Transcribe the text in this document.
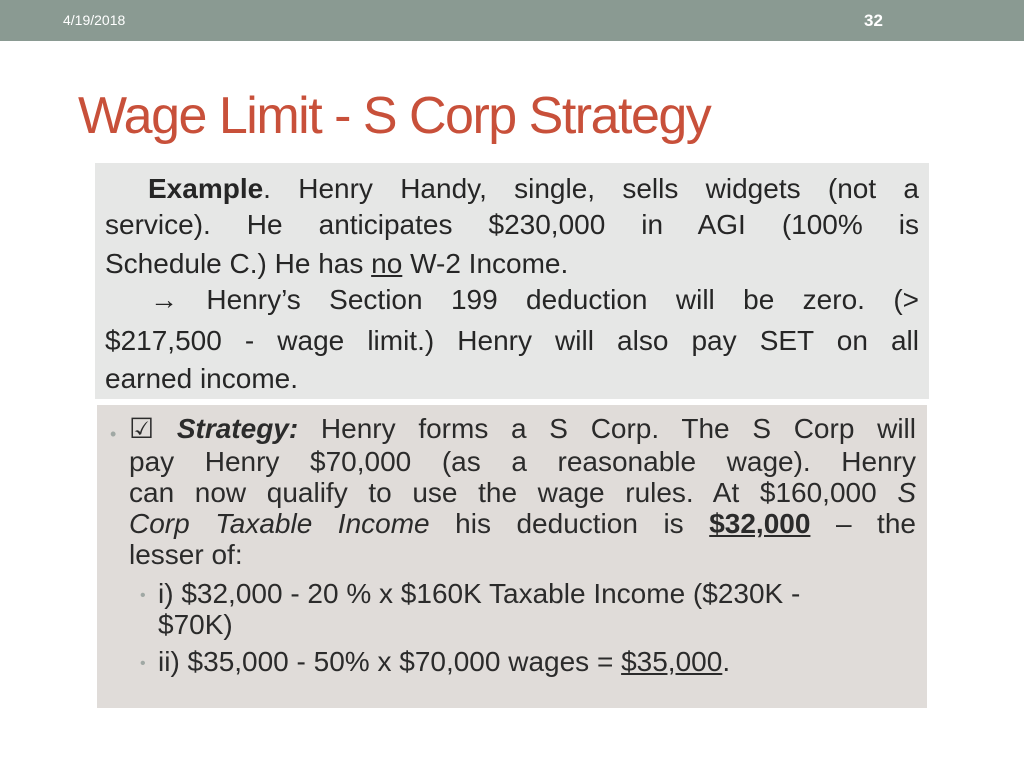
4/19/2018	32
Wage Limit - S Corp Strategy
Example. Henry Handy, single, sells widgets (not a
service). He anticipates $230,000 in AGI (100% is
Schedule C.) He has no W-2 Income.
→ Henry’s Section 199 deduction will be zero. (>
$217,500 - wage limit.) Henry will also pay SET on all
earned income.
• ☑ Strategy: Henry forms a S Corp. The S Corp will
pay Henry $70,000 (as a reasonable wage). Henry
can now qualify to use the wage rules. At $160,000 S
Corp Taxable Income his deduction is $32,000 – the
lesser of:
• i) $32,000 - 20 % x $160K Taxable Income ($230K -
$70K)
• ii) $35,000 - 50% x $70,000 wages = $35,000.
